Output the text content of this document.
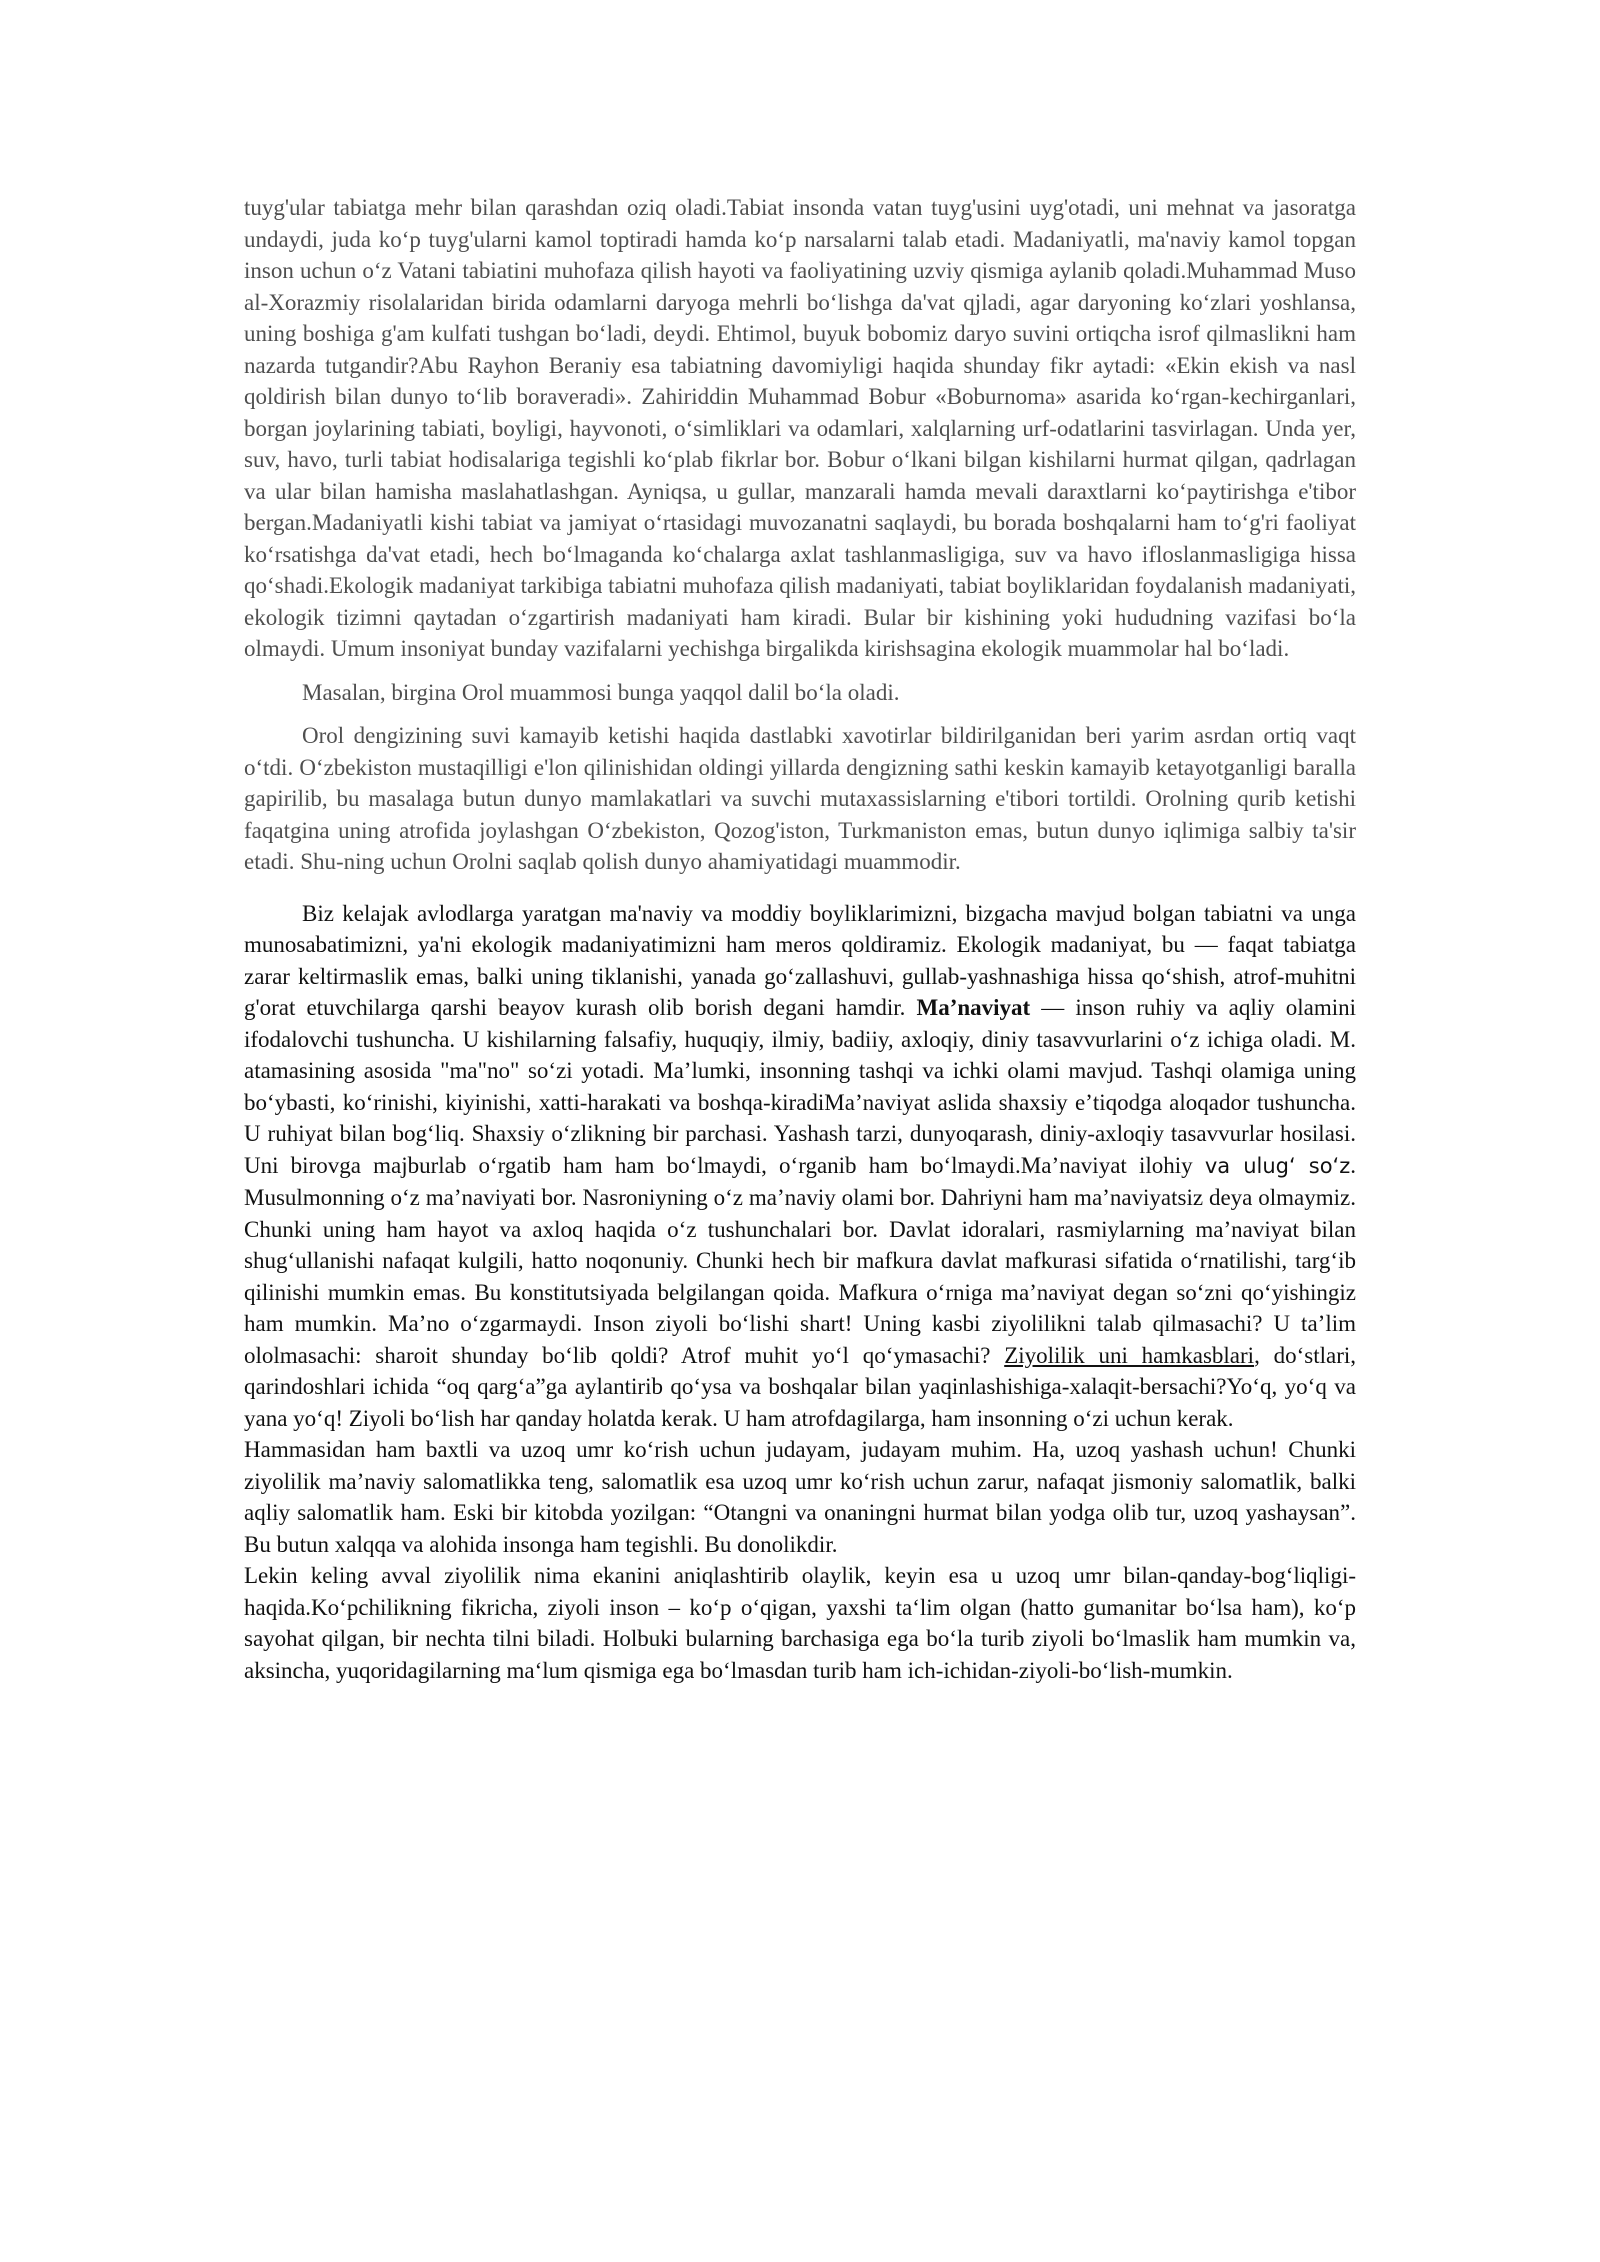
tuyg'ular tabiatga mehr bilan qarashdan oziq oladi.Tabiat insonda vatan tuyg'usini uyg'otadi, uni mehnat va jasoratga undaydi, juda koʻp tuyg'ularni kamol toptiradi hamda koʻp narsalarni talab etadi. Madaniyatli, ma'naviy kamol topgan inson uchun oʻz Vatani tabiatini muhofaza qilish hayoti va faoliyatining uzviy qismiga aylanib qoladi.Muhammad Muso al-Xorazmiy risolalaridan birida odamlarni daryoga mehrli boʻlishga da'vat qjladi, agar daryoning koʻzlari yoshlansa, uning boshiga g'am kulfati tushgan boʻladi, deydi. Ehtimol, buyuk bobomiz daryo suvini ortiqcha isrof qilmaslikni ham nazarda tutgandir?Abu Rayhon Beraniy esa tabiatning davomiyligi haqida shunday fikr aytadi: «Ekin ekish va nasl qoldirish bilan dunyo toʻlib boraveradi». Zahiriddin Muhammad Bobur «Boburnoma» asarida koʻrgan-kechirganlari, borgan joylarining tabiati, boyligi, hayvonoti, oʻsimliklari va odamlari, xalqlarning urf-odatlarini tasvirlagan. Unda yer, suv, havo, turli tabiat hodisalariga tegishli koʻplab fikrlar bor. Bobur oʻlkani bilgan kishilarni hurmat qilgan, qadrlagan va ular bilan hamisha maslahatlashgan. Ayniqsa, u gullar, manzarali hamda mevali daraxtlarni koʻpaytirishga e'tibor bergan.Madaniyatli kishi tabiat va jamiyat oʻrtasidagi muvozanatni saqlaydi, bu borada boshqalarni ham toʻg'ri faoliyat koʻrsatishga da'vat etadi, hech boʻlmaganda koʻchalarga axlat tashlanmasligiga, suv va havo ifloslanmasligiga hissa qoʻshadi.Ekologik madaniyat tarkibiga tabiatni muhofaza qilish madaniyati, tabiat boyliklaridan foydalanish madaniyati, ekologik tizimni qaytadan oʻzgartirish madaniyati ham kiradi. Bular bir kishining yoki hududning vazifasi boʻla olmaydi. Umum insoniyat bunday vazifalarni yechishga birgalikda kirishsagina ekologik muammolar hal boʻladi.

Masalan, birgina Orol muammosi bunga yaqqol dalil boʻla oladi.

Orol dengizining suvi kamayib ketishi haqida dastlabki xavotirlar bildirilganidan beri yarim asrdan ortiq vaqt oʻtdi. Oʻzbekiston mustaqilligi e'lon qilinishidan oldingi yillarda dengizning sathi keskin kamayib ketayotganligi baralla gapirilib, bu masalaga butun dunyo mamlakatlari va suvchi mutaxassislarning e'tibori tortildi. Orolning qurib ketishi faqatgina uning atrofida joylashgan Oʻzbekiston, Qozog'iston, Turkmaniston emas, butun dunyo iqlimiga salbiy ta'sir etadi. Shu-ning uchun Orolni saqlab qolish dunyo ahamiyatidagi muammodir.

Biz kelajak avlodlarga yaratgan ma'naviy va moddiy boyliklarimizni, bizgacha mavjud bolgan tabiatni va unga munosabatimizni, ya'ni ekologik madaniyatimizni ham meros qoldiramiz. Ekologik madaniyat, bu — faqat tabiatga zarar keltirmaslik emas, balki uning tiklanishi, yanada goʻzallashuvi, gullab-yashnashiga hissa qoʻshish, atrof-muhitni g'orat etuvchilarga qarshi beayov kurash olib borish degani hamdir. Maʼnaviyat — inson ruhiy va aqliy olamini ifodalovchi tushuncha. U kishilarning falsafiy, huquqiy, ilmiy, badiiy, axloqiy, diniy tasavvurlarini oʻz ichiga oladi. M. atamasining asosida "ma"no" soʻzi yotadi. Maʼlumki, insonning tashqi va ichki olami mavjud. Tashqi olamiga uning boʻybasti, koʻrinishi, kiyinishi, xatti-harakati va boshqa-kiradiMaʼnaviyat aslida shaxsiy eʼtiqodga aloqador tushuncha. U ruhiyat bilan bogʻliq. Shaxsiy oʻzlikning bir parchasi. Yashash tarzi, dunyoqarash, diniy-axloqiy tasavvurlar hosilasi. Uni birovga majburlab oʻrgatib ham ham boʻlmaydi, oʻrganib ham boʻlmaydi.Maʼnaviyat ilohiy va ulugʻ soʻz. Musulmonning oʻz maʼnaviyati bor. Nasroniyning oʻz maʼnaviy olami bor. Dahriyni ham maʼnaviyatsiz deya olmaymiz. Chunki uning ham hayot va axloq haqida oʻz tushunchalari bor. Davlat idoralari, rasmiylarning maʼnaviyat bilan shugʻullanishi nafaqat kulgili, hatto noqonuniy. Chunki hech bir mafkura davlat mafkurasi sifatida oʻrnatilishi, targʻib qilinishi mumkin emas. Bu konstitutsiyada belgilangan qoida. Mafkura oʻrniga maʼnaviyat degan soʻzni qoʻyishingiz ham mumkin. Maʼno oʻzgarmaydi. Inson ziyoli boʻlishi shart! Uning kasbi ziyolilikni talab qilmasachi? U taʼlim ololmasachi: sharoit shunday boʻlib qoldi? Atrof muhit yoʻl qoʻymasachi? Ziyolilik uni hamkasblari, doʻstlari, qarindoshlari ichida “oq qargʻa”ga aylantirib qoʻysa va boshqalar bilan yaqinlashishiga-xalaqit-bersachi?Yoʻq, yoʻq va yana yoʻq! Ziyoli boʻlish har qanday holatda kerak. U ham atrofdagilarga, ham insonning oʻzi uchun kerak.

Hammasidan ham baxtli va uzoq umr koʻrish uchun judayam, judayam muhim. Ha, uzoq yashash uchun! Chunki ziyolilik maʼnaviy salomatlikka teng, salomatlik esa uzoq umr koʻrish uchun zarur, nafaqat jismoniy salomatlik, balki aqliy salomatlik ham. Eski bir kitobda yozilgan: “Otangni va onaningni hurmat bilan yodga olib tur, uzoq yashaysan”. Bu butun xalqqa va alohida insonga ham tegishli. Bu donolikdir.

Lekin keling avval ziyolilik nima ekanini aniqlashtirib olaylik, keyin esa u uzoq umr bilan-qanday-bogʻliqligi-haqida.Koʻpchilikning fikricha, ziyoli inson – koʻp oʻqigan, yaxshi taʻlim olgan (hatto gumanitar boʻlsa ham), koʻp sayohat qilgan, bir nechta tilni biladi. Holbuki bularning barchasiga ega boʻla turib ziyoli boʻlmaslik ham mumkin va, aksincha, yuqoridagilarning maʻlum qismiga ega boʻlmasdan turib ham ich-ichidan-ziyoli-boʻlish-mumkin.
